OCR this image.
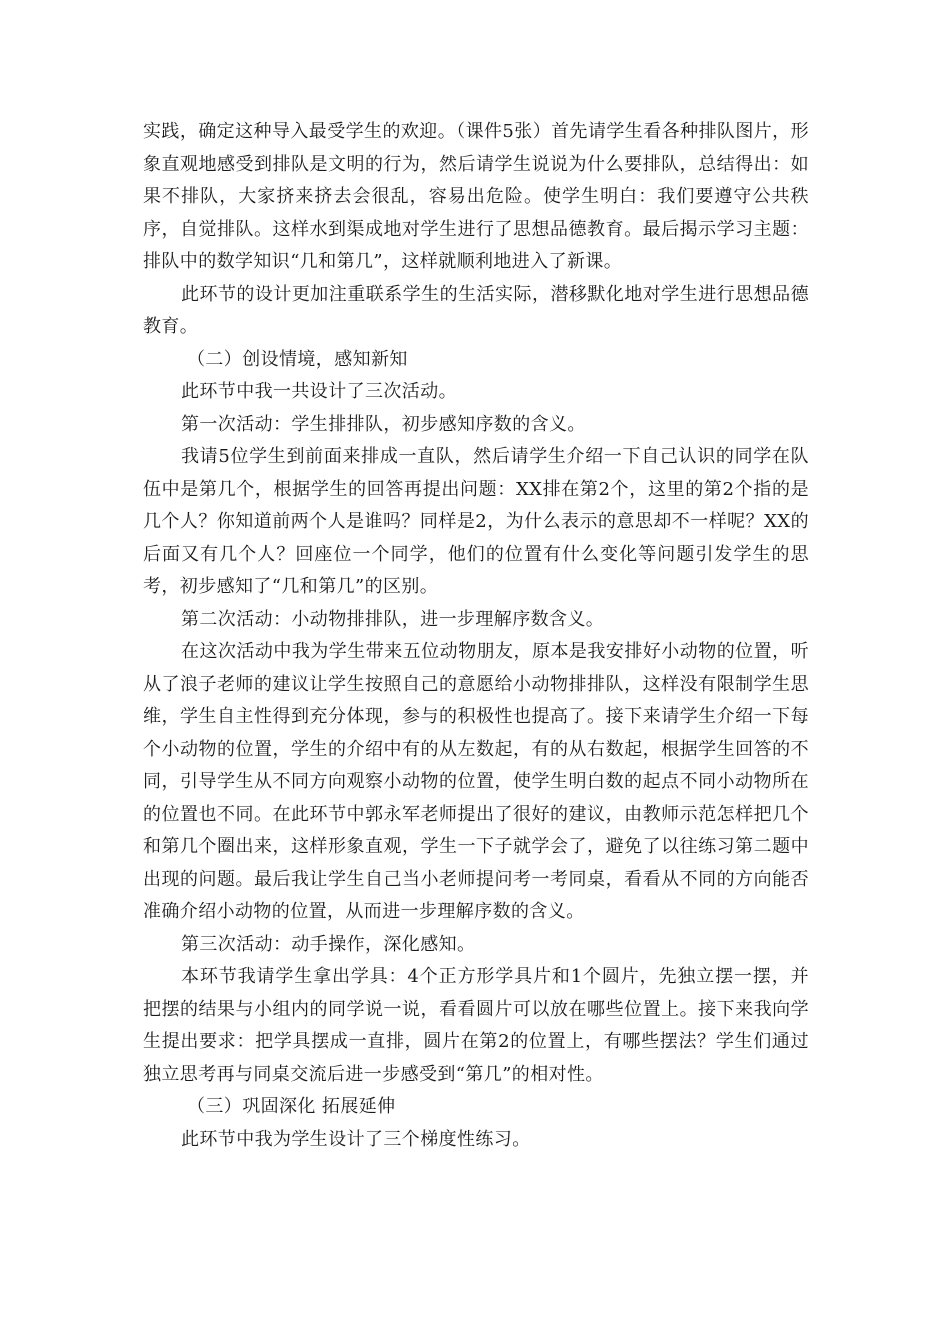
实践，确定这种导入最受学生的欢迎。（课件5张）首先请学生看各种排队图片，形象直观地感受到排队是文明的行为，然后请学生说说为什么要排队，总结得出：如果不排队，大家挤来挤去会很乱，容易出危险。使学生明白：我们要遵守公共秩序，自觉排队。这样水到渠成地对学生进行了思想品德教育。最后揭示学习主题：排队中的数学知识“几和第几”，这样就顺利地进入了新课。

此环节的设计更加注重联系学生的生活实际，潜移默化地对学生进行思想品德教育。

（二）创设情境，感知新知

此环节中我一共设计了三次活动。

第一次活动：学生排排队，初步感知序数的含义。

我请5位学生到前面来排成一直队，然后请学生介绍一下自己认识的同学在队伍中是第几个，根据学生的回答再提出问题：XX排在第2个，这里的第2个指的是几个人？你知道前两个人是谁吗？同样是2，为什么表示的意思却不一样呢？XX的后面又有几个人？回座位一个同学，他们的位置有什么变化等问题引发学生的思考，初步感知了“几和第几”的区别。

第二次活动：小动物排排队，进一步理解序数含义。

在这次活动中我为学生带来五位动物朋友，原本是我安排好小动物的位置，听从了浪子老师的建议让学生按照自己的意愿给小动物排排队，这样没有限制学生思维，学生自主性得到充分体现，参与的积极性也提高了。接下来请学生介绍一下每个小动物的位置，学生的介绍中有的从左数起，有的从右数起，根据学生回答的不同，引导学生从不同方向观察小动物的位置，使学生明白数的起点不同小动物所在的位置也不同。在此环节中郭永军老师提出了很好的建议，由教师示范怎样把几个和第几个圈出来，这样形象直观，学生一下子就学会了，避免了以往练习第二题中出现的问题。最后我让学生自己当小老师提问考一考同桌，看看从不同的方向能否准确介绍小动物的位置，从而进一步理解序数的含义。

第三次活动：动手操作，深化感知。

本环节我请学生拿出学具：4个正方形学具片和1个圆片，先独立摆一摆，并把摆的结果与小组内的同学说一说，看看圆片可以放在哪些位置上。接下来我向学生提出要求：把学具摆成一直排，圆片在第2的位置上，有哪些摆法？学生们通过独立思考再与同桌交流后进一步感受到“第几”的相对性。

（三）巩固深化 拓展延伸

此环节中我为学生设计了三个梯度性练习。
